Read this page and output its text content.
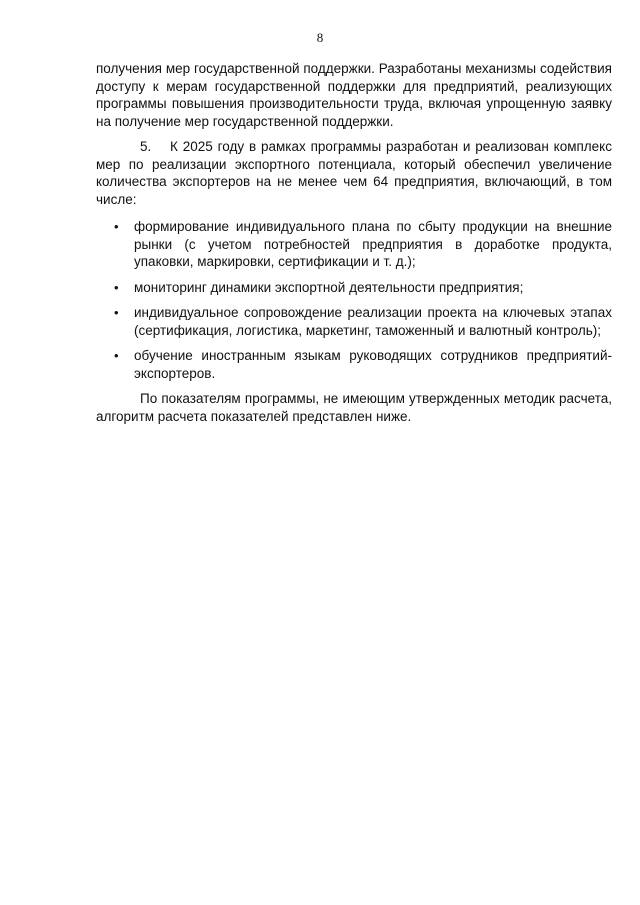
8

получения мер государственной поддержки. Разработаны механизмы содействия доступу к мерам государственной поддержки для предприятий, реализующих программы повышения производительности труда, включая упрощенную заявку на получение мер государственной поддержки.

5. К 2025 году в рамках программы разработан и реализован комплекс мер по реализации экспортного потенциала, который обеспечил увеличение количества экспортеров на не менее чем 64 предприятия, включающий, в том числе:

• формирование индивидуального плана по сбыту продукции на внешние рынки (с учетом потребностей предприятия в доработке продукта, упаковки, маркировки, сертификации и т. д.);
• мониторинг динамики экспортной деятельности предприятия;
• индивидуальное сопровождение реализации проекта на ключевых этапах (сертификация, логистика, маркетинг, таможенный и валютный контроль);
• обучение иностранным языкам руководящих сотрудников предприятий-экспортеров.

По показателям программы, не имеющим утвержденных методик расчета, алгоритм расчета показателей представлен ниже.
